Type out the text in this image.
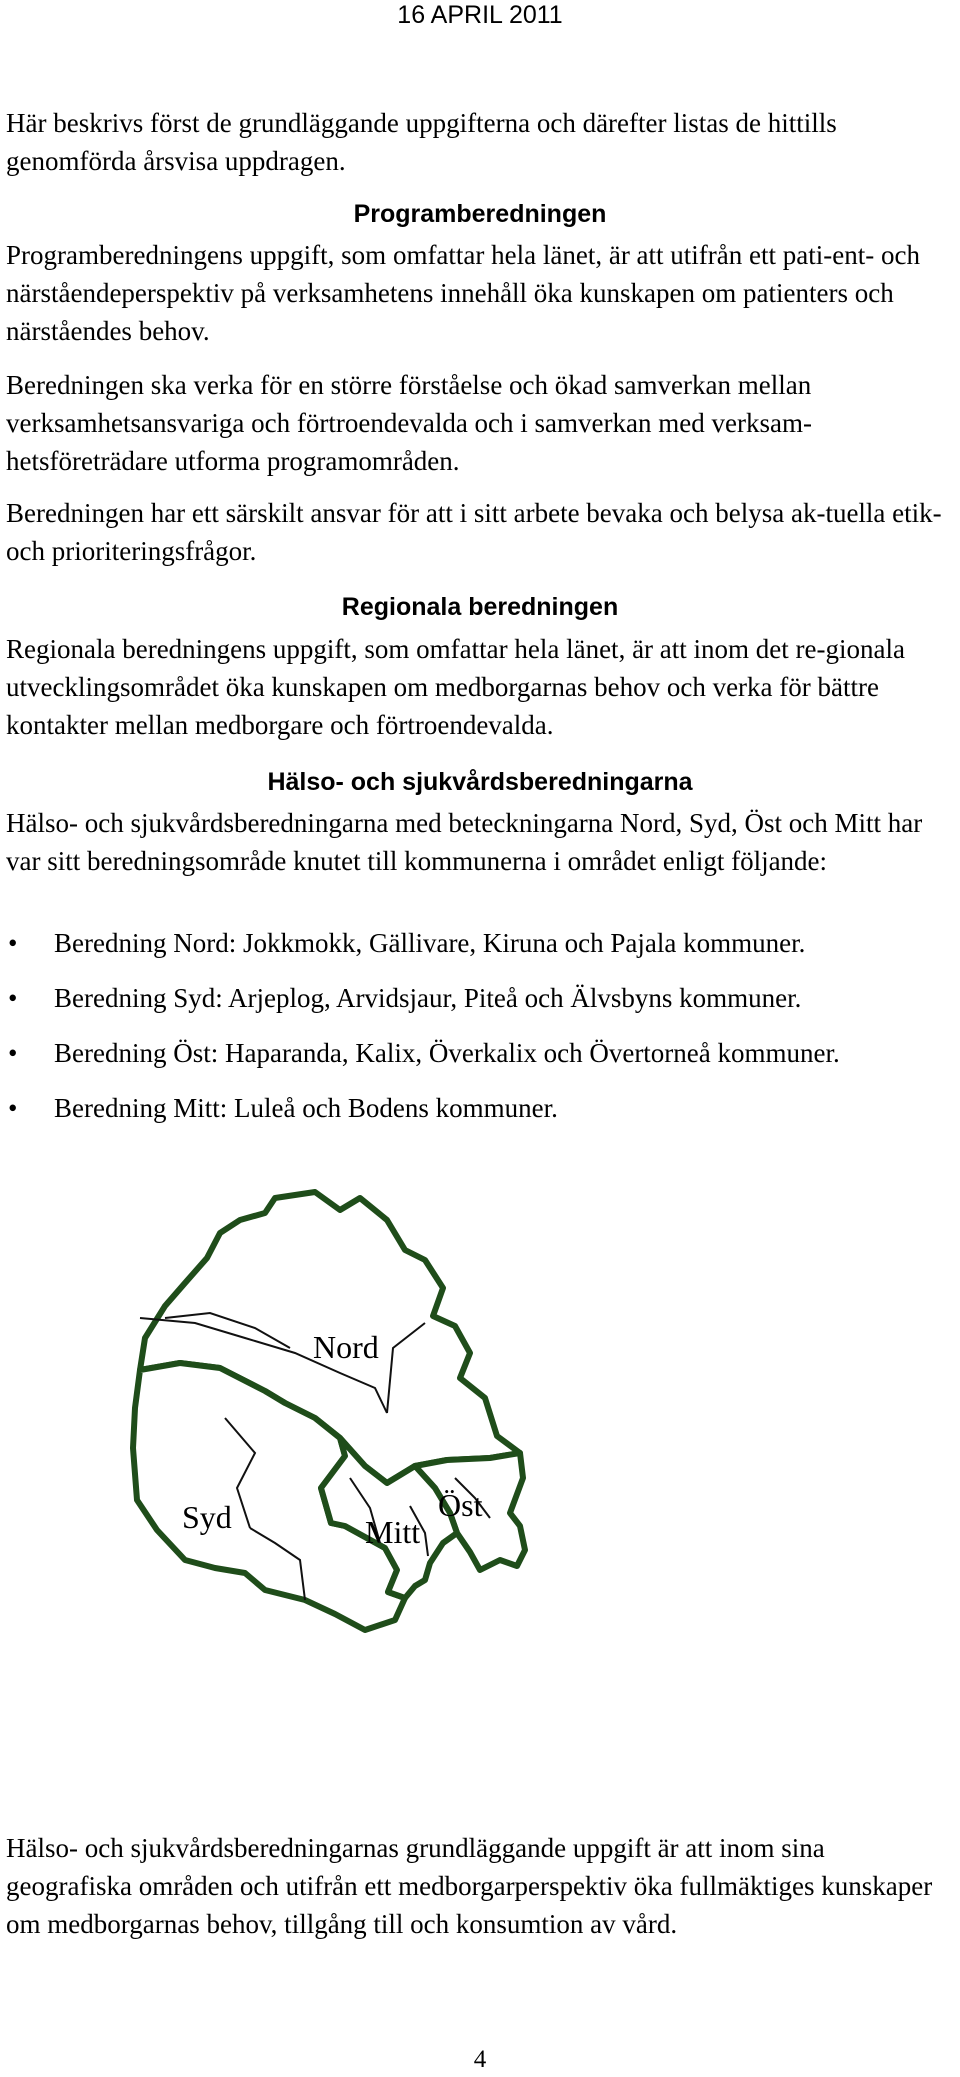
16 APRIL 2011

Här beskrivs först de grundläggande uppgifterna och därefter listas de hittills genomförda årsvisa uppdragen.

Programberedningen

Programberedningens uppgift, som omfattar hela länet, är att utifrån ett pati-ent- och närståendeperspektiv på verksamhetens innehåll öka kunskapen om patienters och närståendes behov.

Beredningen ska verka för en större förståelse och ökad samverkan mellan verksamhetsansvariga och förtroendevalda och i samverkan med verksam-hetsföreträdare utforma programområden.

Beredningen har ett särskilt ansvar för att i sitt arbete bevaka och belysa ak-tuella etik- och prioriteringsfrågor.

Regionala beredningen

Regionala beredningens uppgift, som omfattar hela länet, är att inom det re-gionala utvecklingsområdet öka kunskapen om medborgarnas behov och verka för bättre kontakter mellan medborgare och förtroendevalda.

Hälso- och sjukvårdsberedningarna

Hälso- och sjukvårdsberedningarna med beteckningarna Nord, Syd, Öst och Mitt har var sitt beredningsområde knutet till kommunerna i området enligt följande:

• Beredning Nord: Jokkmokk, Gällivare, Kiruna och Pajala kommuner.
• Beredning Syd: Arjeplog, Arvidsjaur, Piteå och Älvsbyns kommuner.
• Beredning Öst: Haparanda, Kalix, Överkalix och Övertorneå kommuner.
• Beredning Mitt: Luleå och Bodens kommuner.
Nord
Syd	Öst
Mitt

Hälso- och sjukvårdsberedningarnas grundläggande uppgift är att inom sina geografiska områden och utifrån ett medborgarperspektiv öka fullmäktiges kunskaper om medborgarnas behov, tillgång till och konsumtion av vård.

4
